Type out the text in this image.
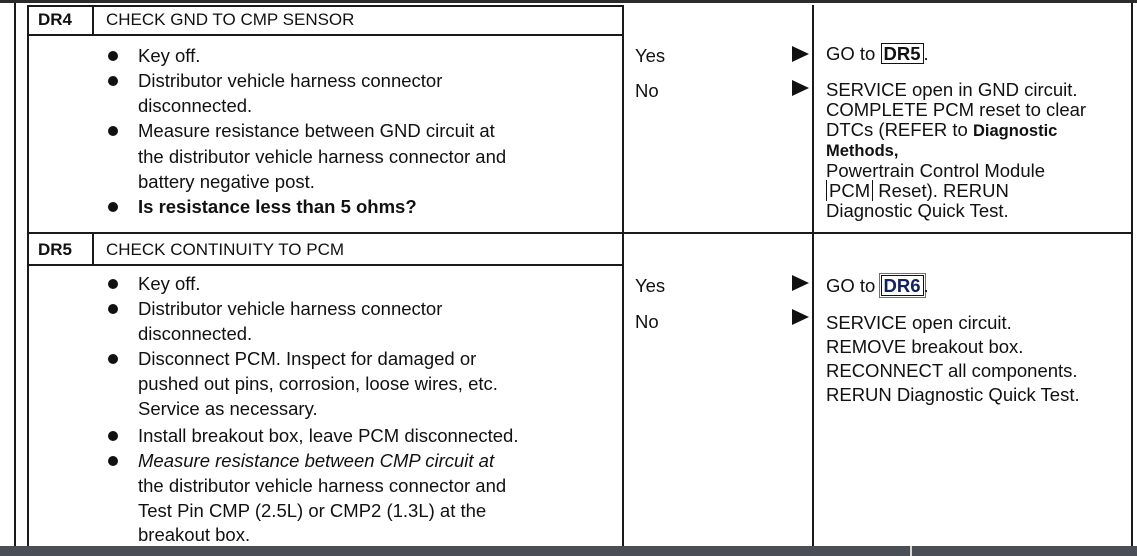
DR4 CHECK GND TO CMP SENSOR
Key off.
Distributor vehicle harness connector
disconnected.
Measure resistance between GND circuit at
the distributor vehicle harness connector and
battery negative post.
Is resistance less than 5 ohms?
Yes
No
GO to DR5 .
SERVICE open in GND circuit.
COMPLETE PCM reset to clear
DTCs (REFER to Diagnostic
Methods,
Powertrain Control Module
PCM Reset). RERUN
Diagnostic Quick Test.
DR5 CHECK CONTINUITY TO PCM
Key off.
Distributor vehicle harness connector
disconnected.
Disconnect PCM. Inspect for damaged or
pushed out pins, corrosion, loose wires, etc.
Service as necessary.
Install breakout box, leave PCM disconnected.
Measure resistance between CMP circuit at
the distributor vehicle harness connector and
Test Pin CMP (2.5L) or CMP2 (1.3L) at the
breakout box.
Yes
No
GO to DR6 .
SERVICE open circuit.
REMOVE breakout box.
RECONNECT all components.
RERUN Diagnostic Quick Test.
